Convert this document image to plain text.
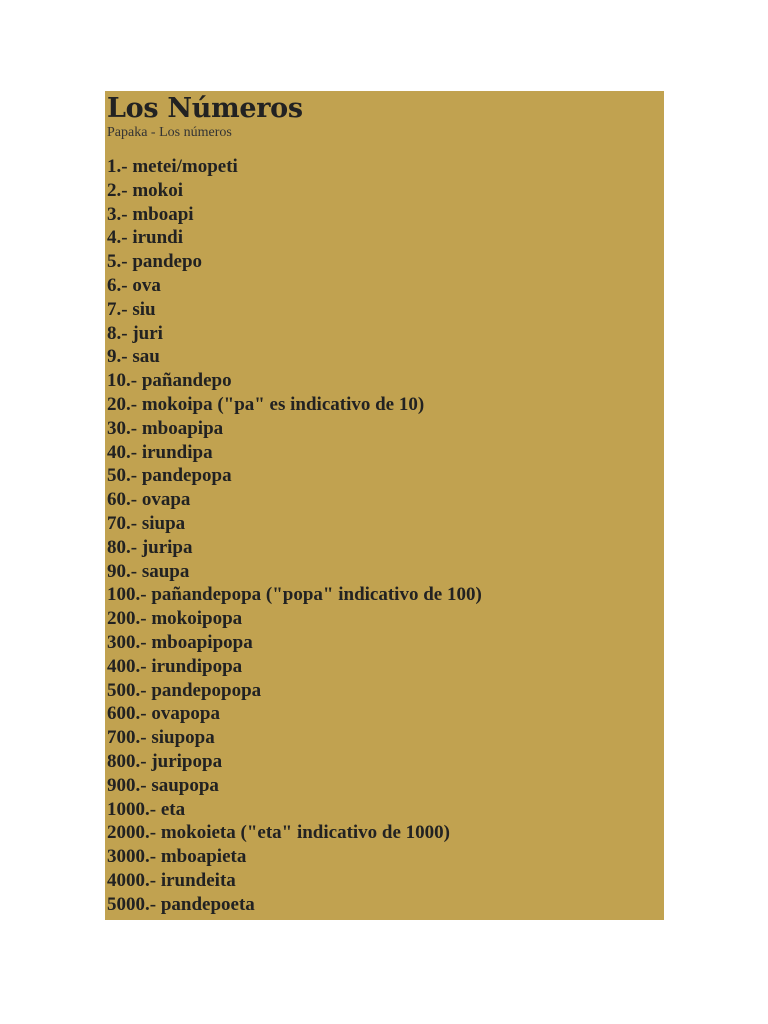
Los Números
Papaka - Los números
1.- metei/mopeti
2.- mokoi
3.- mboapi
4.- irundi
5.- pandepo
6.- ova
7.- siu
8.- juri
9.- sau
10.- pañandepo
20.- mokoipa ("pa" es indicativo de 10)
30.- mboapipa
40.- irundipa
50.- pandepopa
60.- ovapa
70.- siupa
80.- juripa
90.- saupa
100.- pañandepopa ("popa" indicativo de 100)
200.- mokoipopa
300.- mboapipopa
400.- irundipopa
500.- pandepopopa
600.- ovapopa
700.- siupopa
800.- juripopa
900.- saupopa
1000.- eta
2000.- mokoieta ("eta" indicativo de 1000)
3000.- mboapieta
4000.- irundeita
5000.- pandepoeta
